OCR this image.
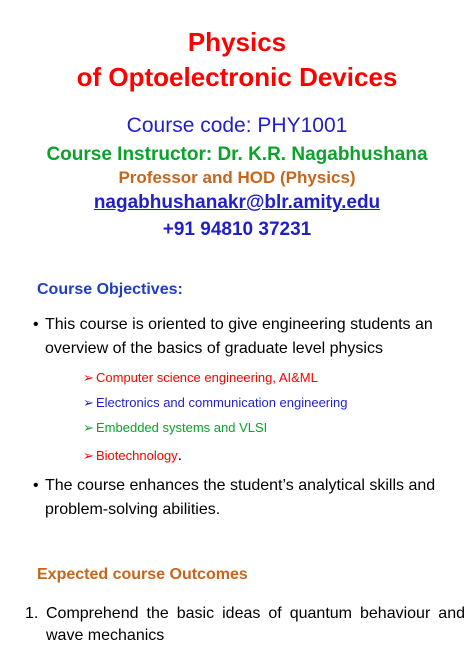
Physics
of Optoelectronic Devices
Course code: PHY1001
Course Instructor: Dr. K.R. Nagabhushana
Professor and HOD (Physics)
nagabhushanakr@blr.amity.edu
+91 94810 37231
Course Objectives:
• This course is oriented to give engineering students an overview of the basics of graduate level physics
➢ Computer science engineering, AI&ML
➢ Electronics and communication engineering
➢ Embedded systems and VLSI
➢ Biotechnology.
• The course enhances the student’s analytical skills and problem-solving abilities.
Expected course Outcomes
1. Comprehend the basic ideas of quantum behaviour and wave mechanics
